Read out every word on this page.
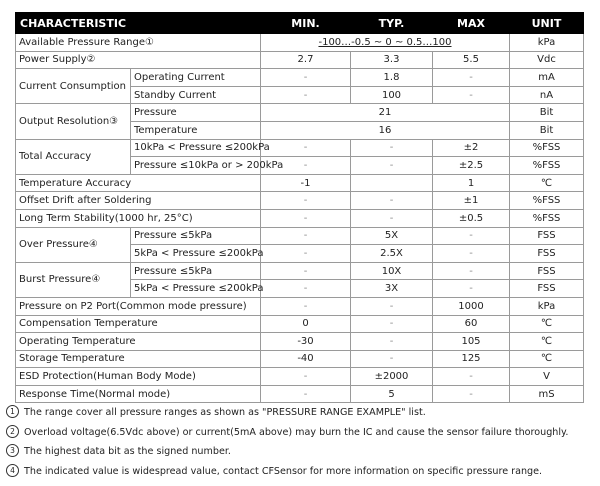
CHARACTERISTIC		MIN.	TYP.	MAX	UNIT
Available Pressure Range①		-100…-0.5 ~ 0 ~ 0.5…100			kPa
Power Supply②		2.7	3.3	5.5	Vdc
Current Consumption	Operating Current	-	1.8	-	mA
	Standby Current	-	100	-	nA
Output Resolution③	Pressure	21			Bit
	Temperature	16			Bit
Total Accuracy	10kPa < Pressure ≤200kPa	-	-	±2	%FSS
	Pressure ≤10kPa or > 200kPa	-	-	±2.5	%FSS
Temperature Accuracy		-1		1	℃
Offset Drift after Soldering		-	-	±1	%FSS
Long Term Stability(1000 hr, 25°C)		-	-	±0.5	%FSS
Over Pressure④	Pressure ≤5kPa	-	5X	-	FSS
	5kPa < Pressure ≤200kPa	-	2.5X	-	FSS
Burst Pressure④	Pressure ≤5kPa	-	10X	-	FSS
	5kPa < Pressure ≤200kPa	-	3X	-	FSS
Pressure on P2 Port(Common mode pressure)		-	-	1000	kPa
Compensation Temperature		0	-	60	℃
Operating Temperature		-30	-	105	℃
Storage Temperature		-40	-	125	℃
ESD Protection(Human Body Mode)		-	±2000	-	V
Response Time(Normal mode)		-	5	-	mS
1 The range cover all pressure ranges as shown as "PRESSURE RANGE EXAMPLE" list.
2 Overload voltage(6.5Vdc above) or current(5mA above) may burn the IC and cause the sensor failure thoroughly.
3 The highest data bit as the signed number.
4 The indicated value is widespread value, contact CFSensor for more information on specific pressure range.
